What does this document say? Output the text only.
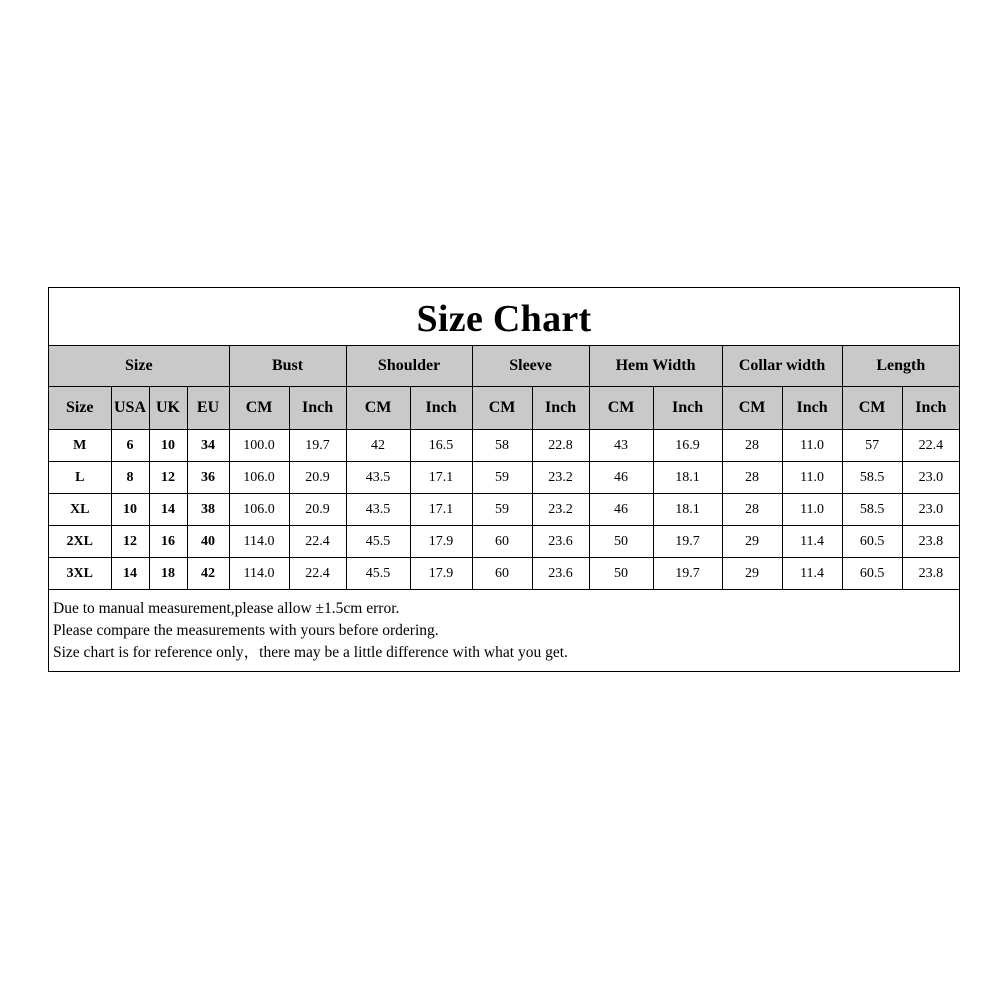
Size Chart
Size				Bust		Shoulder		Sleeve		Hem Width		Collar width		Length	
Size	USA	UK	EU	CM	Inch	CM	Inch	CM	Inch	CM	Inch	CM	Inch	CM	Inch
M	6	10	34	100.0	19.7	42	16.5	58	22.8	43	16.9	28	11.0	57	22.4
L	8	12	36	106.0	20.9	43.5	17.1	59	23.2	46	18.1	28	11.0	58.5	23.0
XL	10	14	38	106.0	20.9	43.5	17.1	59	23.2	46	18.1	28	11.0	58.5	23.0
2XL	12	16	40	114.0	22.4	45.5	17.9	60	23.6	50	19.7	29	11.4	60.5	23.8
3XL	14	18	42	114.0	22.4	45.5	17.9	60	23.6	50	19.7	29	11.4	60.5	23.8
Due to manual measurement,please allow ±1.5cm error.
Please compare the measurements with yours before ordering.
Size chart is for reference only，there may be a little difference with what you get.
